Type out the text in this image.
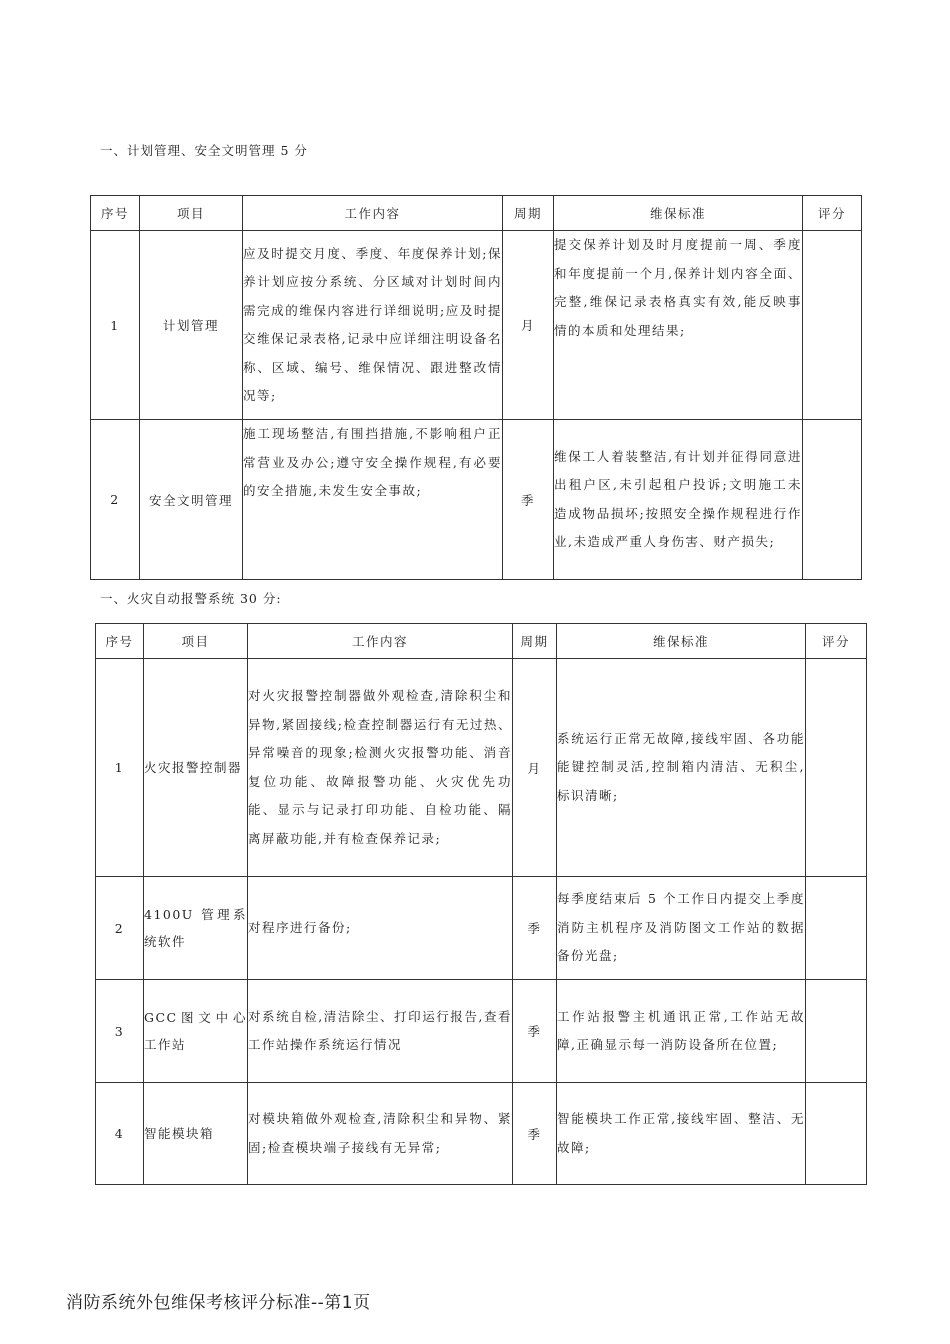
一、计划管理、安全文明管理 5 分
序号	项目	工作内容	周期	维保标准	评分
1	计划管理	应及时提交月度、季度、年度保养计划;保养计划应按分系统、分区域对计划时间内需完成的维保内容进行详细说明;应及时提交维保记录表格,记录中应详细注明设备名称、区域、编号、维保情况、跟进整改情况等;	月	提交保养计划及时月度提前一周、季度和年度提前一个月,保养计划内容全面、完整,维保记录表格真实有效,能反映事情的本质和处理结果;	
2	安全文明管理	施工现场整洁,有围挡措施,不影响租户正常营业及办公;遵守安全操作规程,有必要的安全措施,未发生安全事故;	季	维保工人着装整洁,有计划并征得同意进出租户区,未引起租户投诉;文明施工未造成物品损坏;按照安全操作规程进行作业,未造成严重人身伤害、财产损失;	
一、火灾自动报警系统 30 分:
序号	项目	工作内容	周期	维保标准	评分
1	火灾报警控制器	对火灾报警控制器做外观检查,清除积尘和异物,紧固接线;检查控制器运行有无过热、异常噪音的现象;检测火灾报警功能、消音复位功能、故障报警功能、火灾优先功能、显示与记录打印功能、自检功能、隔离屏蔽功能,并有检查保养记录;	月	系统运行正常无故障,接线牢固、各功能能键控制灵活,控制箱内清洁、无积尘,标识清晰;	
2	4100U 管理系统软件	对程序进行备份;	季	每季度结束后 5 个工作日内提交上季度消防主机程序及消防图文工作站的数据备份光盘;	
3	GCC图文中心工作站	对系统自检,清洁除尘、打印运行报告,查看工作站操作系统运行情况	季	工作站报警主机通讯正常,工作站无故障,正确显示每一消防设备所在位置;	
4	智能模块箱	对模块箱做外观检查,清除积尘和异物、紧固;检查模块端子接线有无异常;	季	智能模块工作正常,接线牢固、整洁、无故障;	
消防系统外包维保考核评分标准--第1页
